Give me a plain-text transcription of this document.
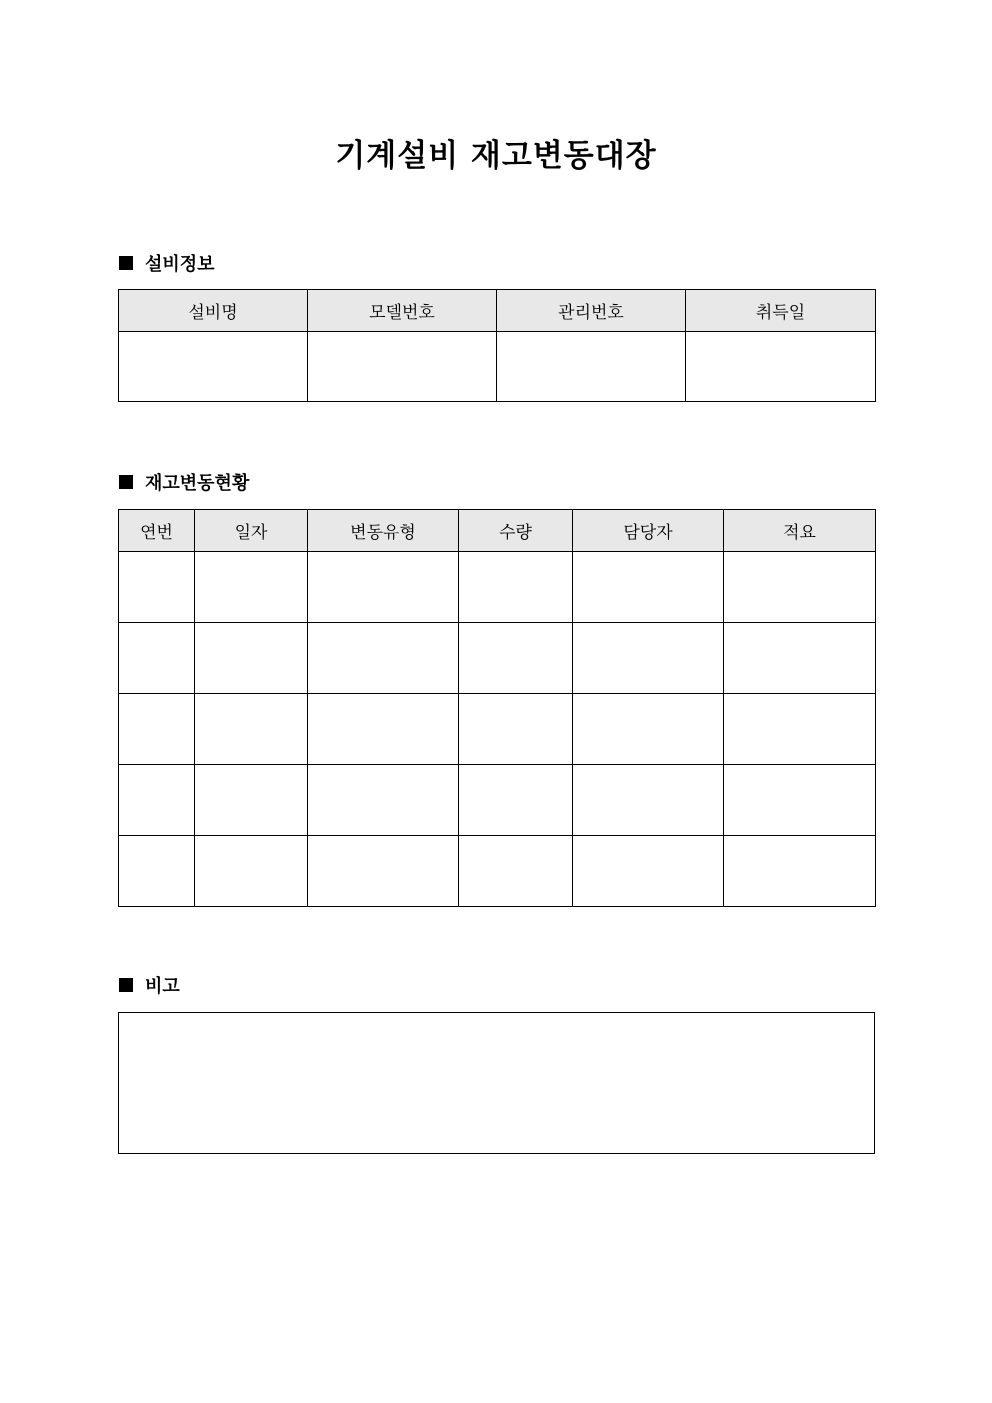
기계설비 재고변동대장
설비정보
설비명	모델번호	관리번호	취득일

재고변동현황
연번	일자	변동유형	수량	담당자	적요

비고
